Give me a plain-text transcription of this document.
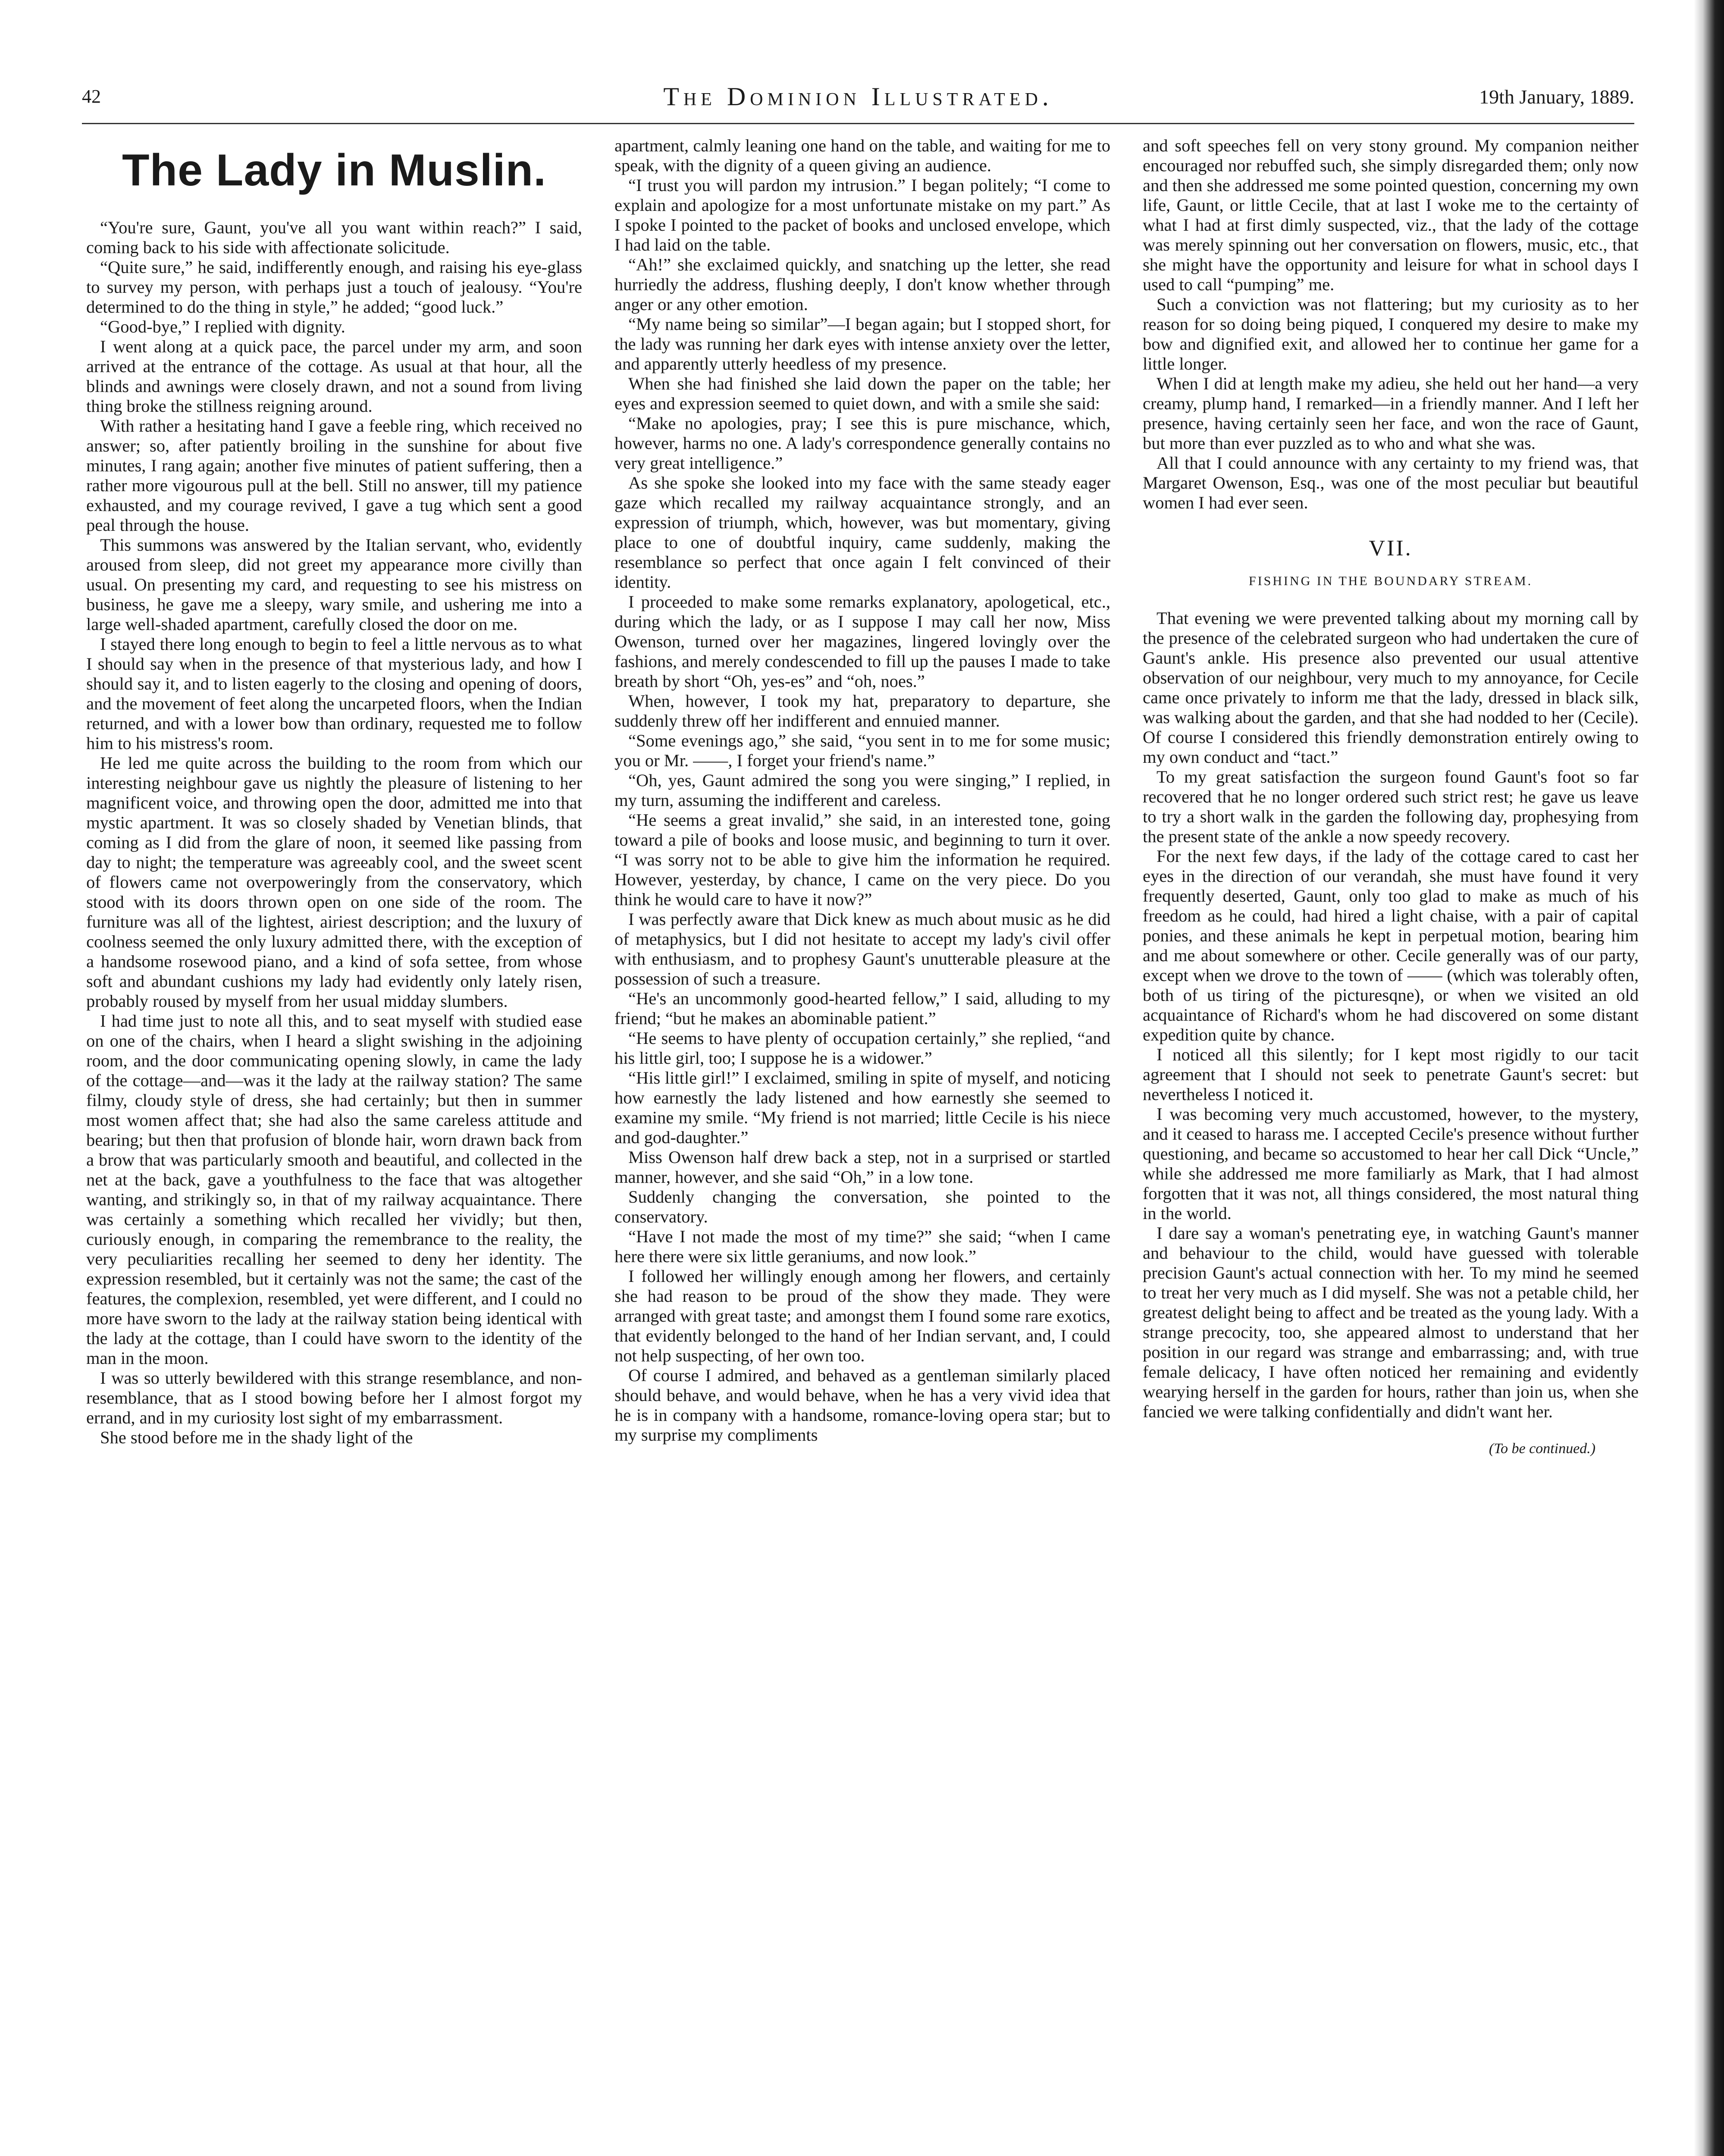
42	The Dominion Illustrated.	19th January, 1889.
The Lady in Muslin.

“You're sure, Gaunt, you've all you want within reach?” I said, coming back to his side with affectionate solicitude.

“Quite sure,” he said, indifferently enough, and raising his eye-glass to survey my person, with perhaps just a touch of jealousy. “You're determined to do the thing in style,” he added; “good luck.”

“Good-bye,” I replied with dignity.

I went along at a quick pace, the parcel under my arm, and soon arrived at the entrance of the cottage. As usual at that hour, all the blinds and awnings were closely drawn, and not a sound from living thing broke the stillness reigning around.

With rather a hesitating hand I gave a feeble ring, which received no answer; so, after patiently broiling in the sunshine for about five minutes, I rang again; another five minutes of patient suffering, then a rather more vigourous pull at the bell. Still no answer, till my patience exhausted, and my courage revived, I gave a tug which sent a good peal through the house.

This summons was answered by the Italian servant, who, evidently aroused from sleep, did not greet my appearance more civilly than usual. On presenting my card, and requesting to see his mistress on business, he gave me a sleepy, wary smile, and ushering me into a large well-shaded apartment, carefully closed the door on me.

I stayed there long enough to begin to feel a little nervous as to what I should say when in the presence of that mysterious lady, and how I should say it, and to listen eagerly to the closing and opening of doors, and the movement of feet along the uncarpeted floors, when the Indian returned, and with a lower bow than ordinary, requested me to follow him to his mistress's room.

He led me quite across the building to the room from which our interesting neighbour gave us nightly the pleasure of listening to her magnificent voice, and throwing open the door, admitted me into that mystic apartment. It was so closely shaded by Venetian blinds, that coming as I did from the glare of noon, it seemed like passing from day to night; the temperature was agreeably cool, and the sweet scent of flowers came not overpoweringly from the conservatory, which stood with its doors thrown open on one side of the room. The furniture was all of the lightest, airiest description; and the luxury of coolness seemed the only luxury admitted there, with the exception of a handsome rosewood piano, and a kind of sofa settee, from whose soft and abundant cushions my lady had evidently only lately risen, probably roused by myself from her usual midday slumbers.

I had time just to note all this, and to seat myself with studied ease on one of the chairs, when I heard a slight swishing in the adjoining room, and the door communicating opening slowly, in came the lady of the cottage—and—was it the lady at the railway station? The same filmy, cloudy style of dress, she had certainly; but then in summer most women affect that; she had also the same careless attitude and bearing; but then that profusion of blonde hair, worn drawn back from a brow that was particularly smooth and beautiful, and collected in the net at the back, gave a youthfulness to the face that was altogether wanting, and strikingly so, in that of my railway acquaintance. There was certainly a something which recalled her vividly; but then, curiously enough, in comparing the remembrance to the reality, the very peculiarities recalling her seemed to deny her identity. The expression resembled, but it certainly was not the same; the cast of the features, the complexion, resembled, yet were different, and I could no more have sworn to the lady at the railway station being identical with the lady at the cottage, than I could have sworn to the identity of the man in the moon.

I was so utterly bewildered with this strange resemblance, and non-resemblance, that as I stood bowing before her I almost forgot my errand, and in my curiosity lost sight of my embarrassment.

She stood before me in the shady light of the

apartment, calmly leaning one hand on the table, and waiting for me to speak, with the dignity of a queen giving an audience.

“I trust you will pardon my intrusion.” I began politely; “I come to explain and apologize for a most unfortunate mistake on my part.” As I spoke I pointed to the packet of books and unclosed envelope, which I had laid on the table.

“Ah!” she exclaimed quickly, and snatching up the letter, she read hurriedly the address, flushing deeply, I don't know whether through anger or any other emotion.

“My name being so similar”—I began again; but I stopped short, for the lady was running her dark eyes with intense anxiety over the letter, and apparently utterly heedless of my presence.

When she had finished she laid down the paper on the table; her eyes and expression seemed to quiet down, and with a smile she said:

“Make no apologies, pray; I see this is pure mischance, which, however, harms no one. A lady's correspondence generally contains no very great intelligence.”

As she spoke she looked into my face with the same steady eager gaze which recalled my railway acquaintance strongly, and an expression of triumph, which, however, was but momentary, giving place to one of doubtful inquiry, came suddenly, making the resemblance so perfect that once again I felt convinced of their identity.

I proceeded to make some remarks explanatory, apologetical, etc., during which the lady, or as I suppose I may call her now, Miss Owenson, turned over her magazines, lingered lovingly over the fashions, and merely condescended to fill up the pauses I made to take breath by short “Oh, yes-es” and “oh, noes.”

When, however, I took my hat, preparatory to departure, she suddenly threw off her indifferent and ennuied manner.

“Some evenings ago,” she said, “you sent in to me for some music; you or Mr. ——, I forget your friend's name.”

“Oh, yes, Gaunt admired the song you were singing,” I replied, in my turn, assuming the indifferent and careless.

“He seems a great invalid,” she said, in an interested tone, going toward a pile of books and loose music, and beginning to turn it over. “I was sorry not to be able to give him the information he required. However, yesterday, by chance, I came on the very piece. Do you think he would care to have it now?”

I was perfectly aware that Dick knew as much about music as he did of metaphysics, but I did not hesitate to accept my lady's civil offer with enthusiasm, and to prophesy Gaunt's unutterable pleasure at the possession of such a treasure.

“He's an uncommonly good-hearted fellow,” I said, alluding to my friend; “but he makes an abominable patient.”

“He seems to have plenty of occupation certainly,” she replied, “and his little girl, too; I suppose he is a widower.”

“His little girl!” I exclaimed, smiling in spite of myself, and noticing how earnestly the lady listened and how earnestly she seemed to examine my smile. “My friend is not married; little Cecile is his niece and god-daughter.”

Miss Owenson half drew back a step, not in a surprised or startled manner, however, and she said “Oh,” in a low tone.

Suddenly changing the conversation, she pointed to the conservatory.

“Have I not made the most of my time?” she said; “when I came here there were six little geraniums, and now look.”

I followed her willingly enough among her flowers, and certainly she had reason to be proud of the show they made. They were arranged with great taste; and amongst them I found some rare exotics, that evidently belonged to the hand of her Indian servant, and, I could not help suspecting, of her own too.

Of course I admired, and behaved as a gentleman similarly placed should behave, and would behave, when he has a very vivid idea that he is in company with a handsome, romance-loving opera star; but to my surprise my compliments

and soft speeches fell on very stony ground. My companion neither encouraged nor rebuffed such, she simply disregarded them; only now and then she addressed me some pointed question, concerning my own life, Gaunt, or little Cecile, that at last I woke me to the certainty of what I had at first dimly suspected, viz., that the lady of the cottage was merely spinning out her conversation on flowers, music, etc., that she might have the opportunity and leisure for what in school days I used to call “pumping” me.

Such a conviction was not flattering; but my curiosity as to her reason for so doing being piqued, I conquered my desire to make my bow and dignified exit, and allowed her to continue her game for a little longer.

When I did at length make my adieu, she held out her hand—a very creamy, plump hand, I remarked—in a friendly manner. And I left her presence, having certainly seen her face, and won the race of Gaunt, but more than ever puzzled as to who and what she was.

All that I could announce with any certainty to my friend was, that Margaret Owenson, Esq., was one of the most peculiar but beautiful women I had ever seen.

VII.
FISHING IN THE BOUNDARY STREAM.

That evening we were prevented talking about my morning call by the presence of the celebrated surgeon who had undertaken the cure of Gaunt's ankle. His presence also prevented our usual attentive observation of our neighbour, very much to my annoyance, for Cecile came once privately to inform me that the lady, dressed in black silk, was walking about the garden, and that she had nodded to her (Cecile). Of course I considered this friendly demonstration entirely owing to my own conduct and “tact.”

To my great satisfaction the surgeon found Gaunt's foot so far recovered that he no longer ordered such strict rest; he gave us leave to try a short walk in the garden the following day, prophesying from the present state of the ankle a now speedy recovery.

For the next few days, if the lady of the cottage cared to cast her eyes in the direction of our verandah, she must have found it very frequently deserted, Gaunt, only too glad to make as much of his freedom as he could, had hired a light chaise, with a pair of capital ponies, and these animals he kept in perpetual motion, bearing him and me about somewhere or other. Cecile generally was of our party, except when we drove to the town of —— (which was tolerably often, both of us tiring of the picturesqne), or when we visited an old acquaintance of Richard's whom he had discovered on some distant expedition quite by chance.

I noticed all this silently; for I kept most rigidly to our tacit agreement that I should not seek to penetrate Gaunt's secret: but nevertheless I noticed it.

I was becoming very much accustomed, however, to the mystery, and it ceased to harass me. I accepted Cecile's presence without further questioning, and became so accustomed to hear her call Dick “Uncle,” while she addressed me more familiarly as Mark, that I had almost forgotten that it was not, all things considered, the most natural thing in the world.

I dare say a woman's penetrating eye, in watching Gaunt's manner and behaviour to the child, would have guessed with tolerable precision Gaunt's actual connection with her. To my mind he seemed to treat her very much as I did myself. She was not a petable child, her greatest delight being to affect and be treated as the young lady. With a strange precocity, too, she appeared almost to understand that her position in our regard was strange and embarrassing; and, with true female delicacy, I have often noticed her remaining and evidently wearying herself in the garden for hours, rather than join us, when she fancied we were talking confidentially and didn't want her.

(To be continued.)
